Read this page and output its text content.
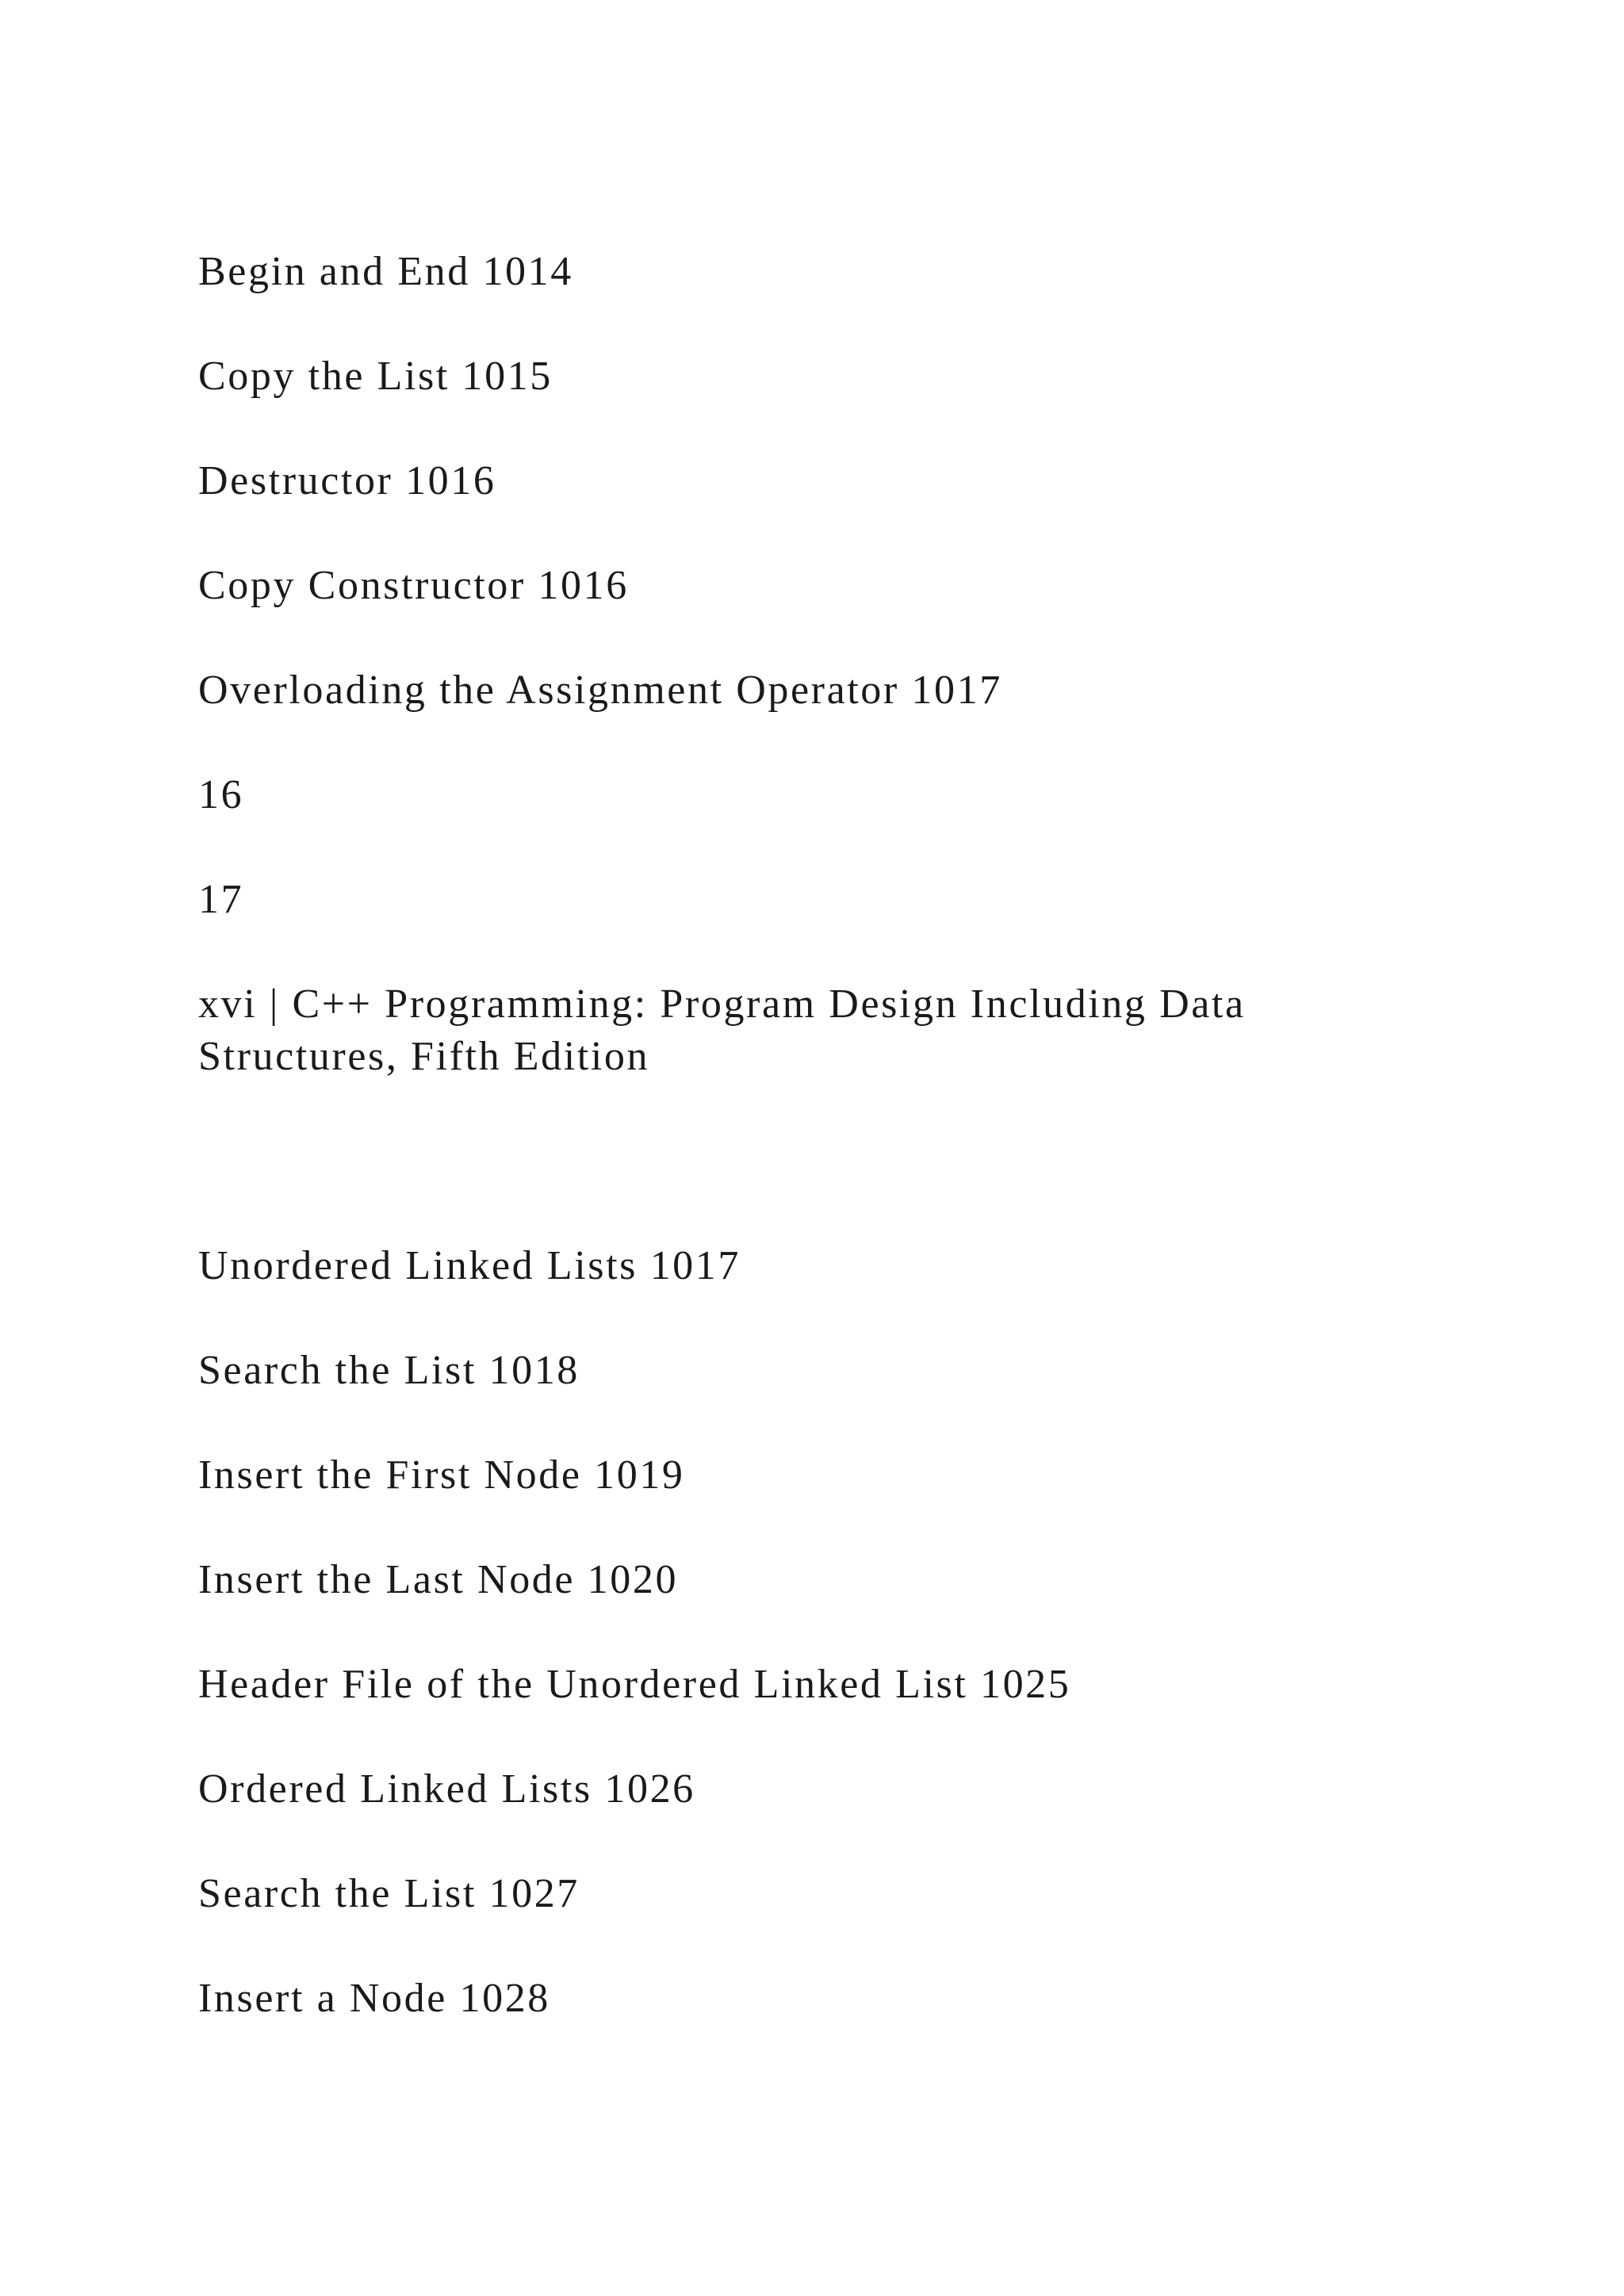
Begin and End 1014

Copy the List 1015

Destructor 1016

Copy Constructor 1016

Overloading the Assignment Operator 1017

16

17

xvi | C++ Programming: Program Design Including Data Structures, Fifth Edition

Unordered Linked Lists 1017

Search the List 1018

Insert the First Node 1019

Insert the Last Node 1020

Header File of the Unordered Linked List 1025

Ordered Linked Lists 1026

Search the List 1027

Insert a Node 1028
